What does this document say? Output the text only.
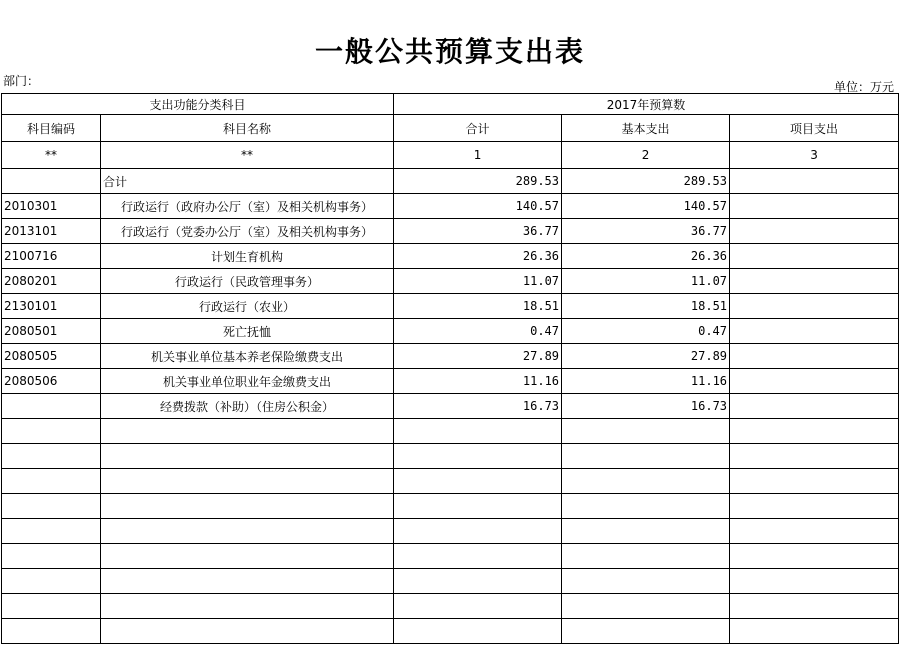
一般公共预算支出表
部门：	单位：万元
支出功能分类科目		2017年预算数		
科目编码	科目名称	合计	基本支出	项目支出
**	**	1	2	3
	合计	289.53	289.53	
2010301	行政运行（政府办公厅（室）及相关机构事务）	140.57	140.57	
2013101	行政运行（党委办公厅（室）及相关机构事务）	36.77	36.77	
2100716	计划生育机构	26.36	26.36	
2080201	行政运行（民政管理事务）	11.07	11.07	
2130101	行政运行（农业）	18.51	18.51	
2080501	死亡抚恤	0.47	0.47	
2080505	机关事业单位基本养老保险缴费支出	27.89	27.89	
2080506	机关事业单位职业年金缴费支出	11.16	11.16	
	经费拨款（补助）（住房公积金）	16.73	16.73	
